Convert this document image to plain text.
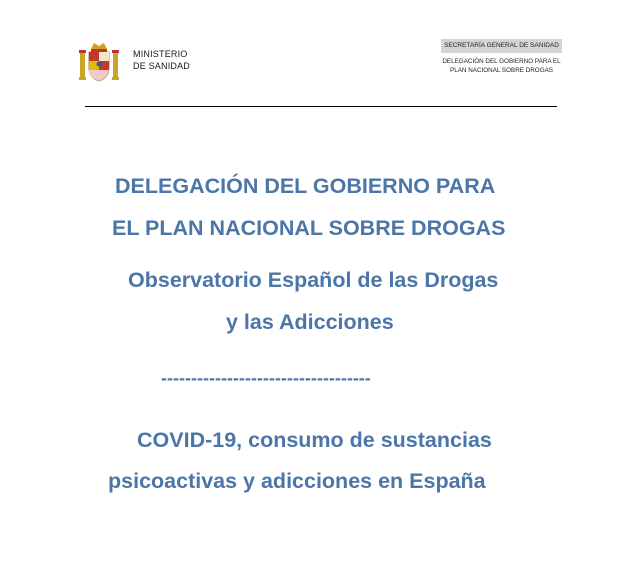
MINISTERIO
DE SANIDAD
SECRETARÍA GENERAL DE SANIDAD
DELEGACIÓN DEL GOBIERNO PARA EL
PLAN NACIONAL SOBRE DROGAS
DELEGACIÓN DEL GOBIERNO PARA
EL PLAN NACIONAL SOBRE DROGAS
Observatorio Español de las Drogas
y las Adicciones
-----------------------------------
COVID-19, consumo de sustancias
psicoactivas y adicciones en España
